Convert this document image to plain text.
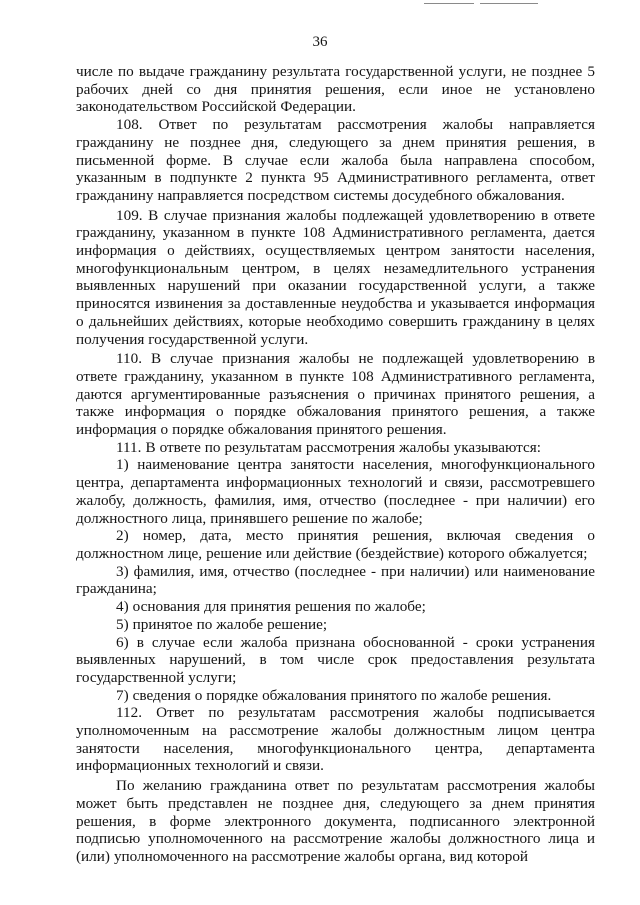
36

числе по выдаче гражданину результата государственной услуги, не позднее 5 рабочих дней со дня принятия решения, если иное не установлено законодательством Российской Федерации.

108. Ответ по результатам рассмотрения жалобы направляется гражданину не позднее дня, следующего за днем принятия решения, в письменной форме. В случае если жалоба была направлена способом, указанным в подпункте 2 пункта 95 Административного регламента, ответ гражданину направляется посредством системы досудебного обжалования.

109. В случае признания жалобы подлежащей удовлетворению в ответе гражданину, указанном в пункте 108 Административного регламента, дается информация о действиях, осуществляемых центром занятости населения, многофункциональным центром, в целях незамедлительного устранения выявленных нарушений при оказании государственной услуги, а также приносятся извинения за доставленные неудобства и указывается информация о дальнейших действиях, которые необходимо совершить гражданину в целях получения государственной услуги.

110. В случае признания жалобы не подлежащей удовлетворению в ответе гражданину, указанном в пункте 108 Административного регламента, даются аргументированные разъяснения о причинах принятого решения, а также информация о порядке обжалования принятого решения, а также информация о порядке обжалования принятого решения.

111. В ответе по результатам рассмотрения жалобы указываются:

1) наименование центра занятости населения, многофункционального центра, департамента информационных технологий и связи, рассмотревшего жалобу, должность, фамилия, имя, отчество (последнее - при наличии) его должностного лица, принявшего решение по жалобе;

2) номер, дата, место принятия решения, включая сведения о должностном лице, решение или действие (бездействие) которого обжалуется;

3) фамилия, имя, отчество (последнее - при наличии) или наименование гражданина;

4) основания для принятия решения по жалобе;

5) принятое по жалобе решение;

6) в случае если жалоба признана обоснованной - сроки устранения выявленных нарушений, в том числе срок предоставления результата государственной услуги;

7) сведения о порядке обжалования принятого по жалобе решения.

112. Ответ по результатам рассмотрения жалобы подписывается уполномоченным на рассмотрение жалобы должностным лицом центра занятости населения, многофункционального центра, департамента информационных технологий и связи.

По желанию гражданина ответ по результатам рассмотрения жалобы может быть представлен не позднее дня, следующего за днем принятия решения, в форме электронного документа, подписанного электронной подписью уполномоченного на рассмотрение жалобы должностного лица и (или) уполномоченного на рассмотрение жалобы органа, вид которой
